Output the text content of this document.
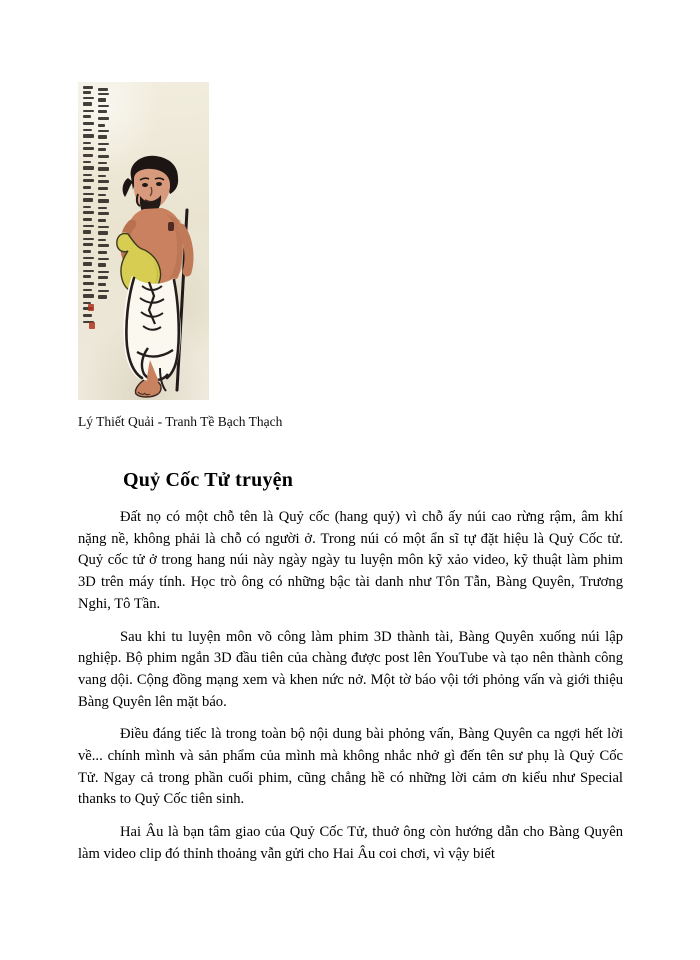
Lý Thiết Quải - Tranh Tề Bạch Thạch
Quỷ Cốc Tử truyện

Đất nọ có một chỗ tên là Quỷ cốc (hang quỷ) vì chỗ ấy núi cao rừng rậm, âm khí nặng nề, không phải là chỗ có người ở. Trong núi có một ẩn sĩ tự đặt hiệu là Quỷ Cốc tử. Quỷ cốc tử ở trong hang núi này ngày ngày tu luyện môn kỹ xảo video, kỹ thuật làm phim 3D trên máy tính. Học trò ông có những bậc tài danh như Tôn Tẫn, Bàng Quyên, Trương Nghi, Tô Tần.

Sau khi tu luyện môn võ công làm phim 3D thành tài, Bàng Quyên xuống núi lập nghiệp. Bộ phim ngắn 3D đầu tiên của chàng được post lên YouTube và tạo nên thành công vang dội. Cộng đồng mạng xem và khen nức nở. Một tờ báo vội tới phỏng vấn và giới thiệu Bàng Quyên lên mặt báo.

Điều đáng tiếc là trong toàn bộ nội dung bài phỏng vấn, Bàng Quyên ca ngợi hết lời về... chính mình và sản phẩm của mình mà không nhắc nhở gì đến tên sư phụ là Quỷ Cốc Tử. Ngay cả trong phần cuối phim, cũng chẳng hề có những lời cảm ơn kiểu như Special thanks to Quỷ Cốc tiên sinh.

Hai Âu là bạn tâm giao của Quỷ Cốc Tử, thuở ông còn hướng dẫn cho Bàng Quyên làm video clip đó thỉnh thoảng vẫn gửi cho Hai Âu coi chơi, vì vậy biết
